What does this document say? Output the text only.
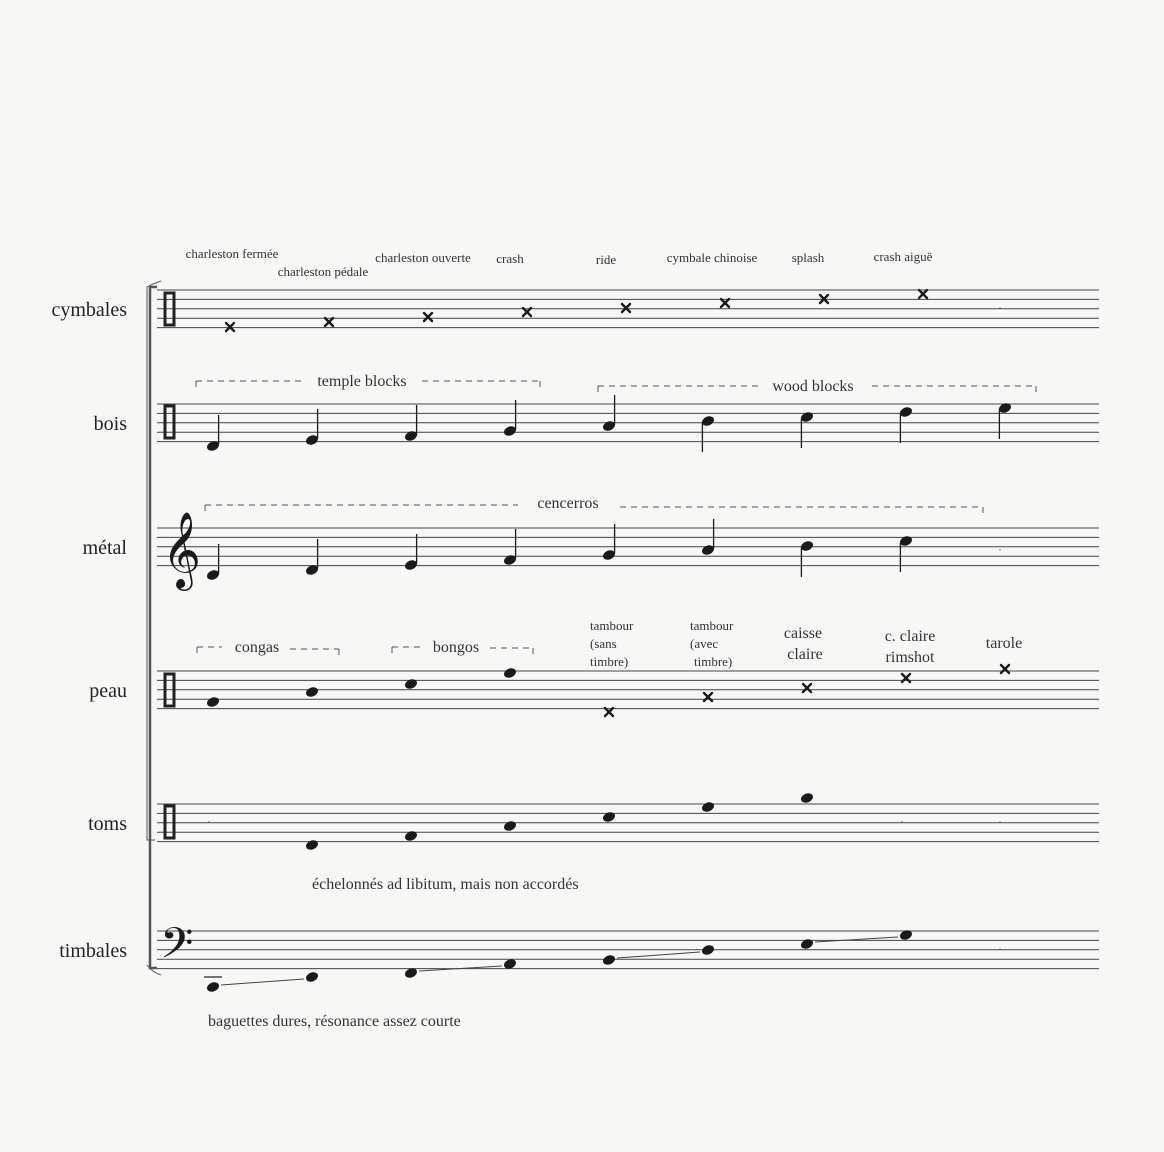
cymbales
bois
métal
peau
toms
timbales
𝄞
𝄢
charleston fermée
charleston pédale
charleston ouverte crash	ride	cymbale chinoise	splash	crash aiguë
temple blocks	wood blocks
cencerros
congas	bongos
tambour
(sans
timbre)
tambour
(avec
timbre)
caisse
claire
c. claire
rimshot
tarole
échelonnés ad libitum, mais non accordés
baguettes dures, résonance assez courte
